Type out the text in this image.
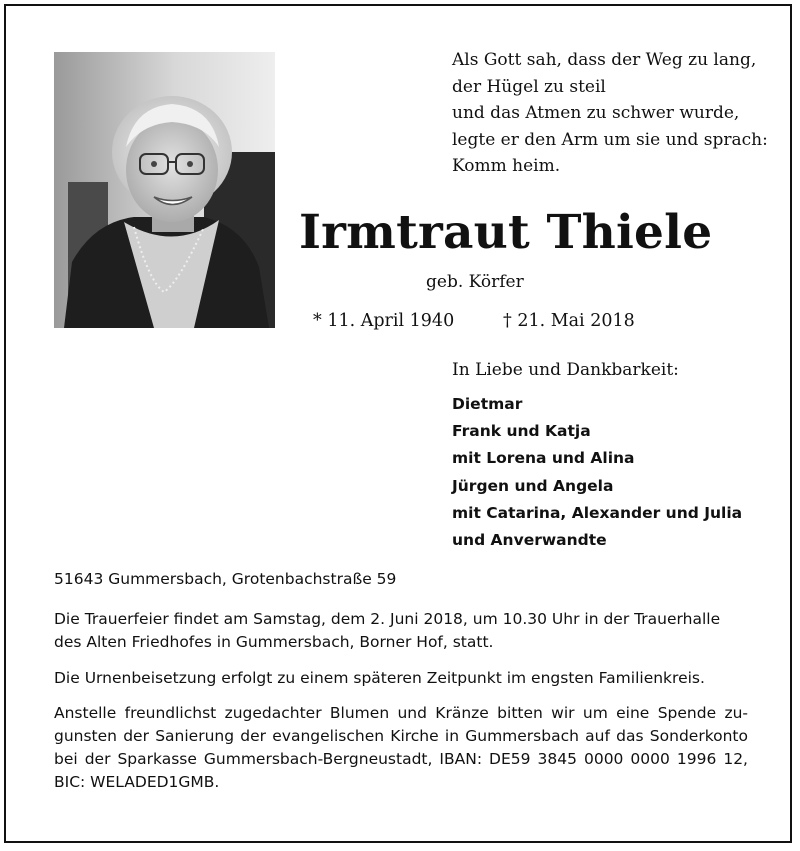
Als Gott sah, dass der Weg zu lang,
der Hügel zu steil
und das Atmen zu schwer wurde,
legte er den Arm um sie und sprach:
Komm heim.
Irmtraut Thiele
geb. Körfer
* 11. April 1940	† 21. Mai 2018
In Liebe und Dankbarkeit:
Dietmar
Frank und Katja
mit Lorena und Alina
Jürgen und Angela
mit Catarina, Alexander und Julia
und Anverwandte
51643 Gummersbach, Grotenbachstraße 59
Die Trauerfeier findet am Samstag, dem 2. Juni 2018, um 10.30 Uhr in der Trauerhalle
des Alten Friedhofes in Gummersbach, Borner Hof, statt.
Die Urnenbeisetzung erfolgt zu einem späteren Zeitpunkt im engsten Familienkreis.
Anstelle freundlichst zugedachter Blumen und Kränze bitten wir um eine Spende zu-
gunsten der Sanierung der evangelischen Kirche in Gummersbach auf das Sonderkonto
bei der Sparkasse Gummersbach-Bergneustadt, IBAN: DE59 3845 0000 0000 1996 12,
BIC: WELADED1GMB.
